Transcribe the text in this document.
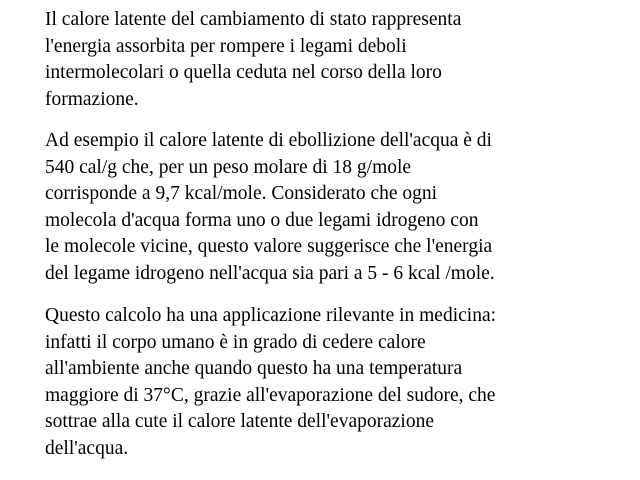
Il calore latente del cambiamento di stato rappresenta
l'energia assorbita per rompere i legami deboli
intermolecolari o quella ceduta nel corso della loro
formazione.

Ad esempio il calore latente di ebollizione dell'acqua è di
540 cal/g che, per un peso molare di 18 g/mole
corrisponde a 9,7 kcal/mole. Considerato che ogni
molecola d'acqua forma uno o due legami idrogeno con
le molecole vicine, questo valore suggerisce che l'energia
del legame idrogeno nell'acqua sia pari a 5 - 6 kcal /mole.

Questo calcolo ha una applicazione rilevante in medicina:
infatti il corpo umano è in grado di cedere calore
all'ambiente anche quando questo ha una temperatura
maggiore di 37°C, grazie all'evaporazione del sudore, che
sottrae alla cute il calore latente dell'evaporazione
dell'acqua.
